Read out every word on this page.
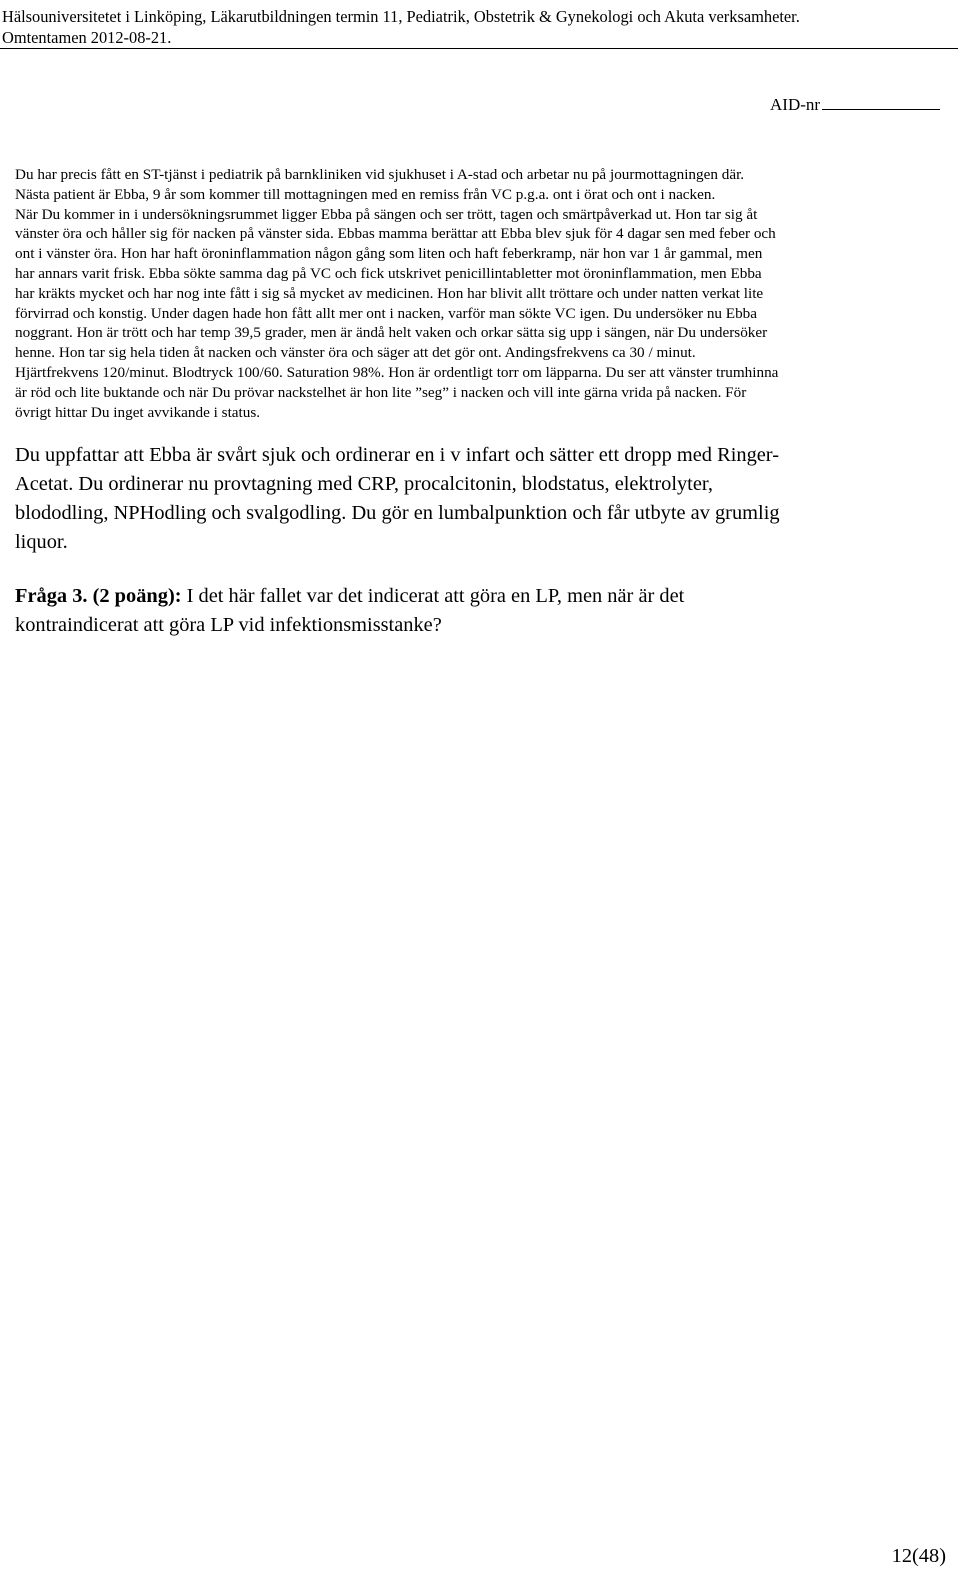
Hälsouniversitetet i Linköping, Läkarutbildningen termin 11, Pediatrik, Obstetrik & Gynekologi och Akuta verksamheter.
Omtentamen 2012-08-21.
AID-nr

Du har precis fått en ST-tjänst i pediatrik på barnkliniken vid sjukhuset i A-stad och arbetar nu på jourmottagningen där.

Nästa patient är Ebba, 9 år som kommer till mottagningen med en remiss från VC p.g.a. ont i örat och ont i nacken.

När Du kommer in i undersökningsrummet ligger Ebba på sängen och ser trött, tagen och smärtpåverkad ut. Hon tar sig åt

vänster öra och håller sig för nacken på vänster sida. Ebbas mamma berättar att Ebba blev sjuk för 4 dagar sen med feber och

ont i vänster öra. Hon har haft öroninflammation någon gång som liten och haft feberkramp, när hon var 1 år gammal, men

har annars varit frisk. Ebba sökte samma dag på VC och fick utskrivet penicillintabletter mot öroninflammation, men Ebba

har kräkts mycket och har nog inte fått i sig så mycket av medicinen. Hon har blivit allt tröttare och under natten verkat lite

förvirrad och konstig. Under dagen hade hon fått allt mer ont i nacken, varför man sökte VC igen. Du undersöker nu Ebba

noggrant. Hon är trött och har temp 39,5 grader, men är ändå helt vaken och orkar sätta sig upp i sängen, när Du undersöker

henne. Hon tar sig hela tiden åt nacken och vänster öra och säger att det gör ont. Andingsfrekvens ca 30 / minut.

Hjärtfrekvens 120/minut. Blodtryck 100/60. Saturation 98%. Hon är ordentligt torr om läpparna. Du ser att vänster trumhinna

är röd och lite buktande och när Du prövar nackstelhet är hon lite ”seg” i nacken och vill inte gärna vrida på nacken. För

övrigt hittar Du inget avvikande i status.

Du uppfattar att Ebba är svårt sjuk och ordinerar en i v infart och sätter ett dropp med Ringer-

Acetat. Du ordinerar nu provtagning med CRP, procalcitonin, blodstatus, elektrolyter,

blododling, NPHodling och svalgodling. Du gör en lumbalpunktion och får utbyte av grumlig

liquor.

Fråga 3. (2 poäng): I det här fallet var det indicerat att göra en LP, men när är det

kontraindicerat att göra LP vid infektionsmisstanke?

12(48)
